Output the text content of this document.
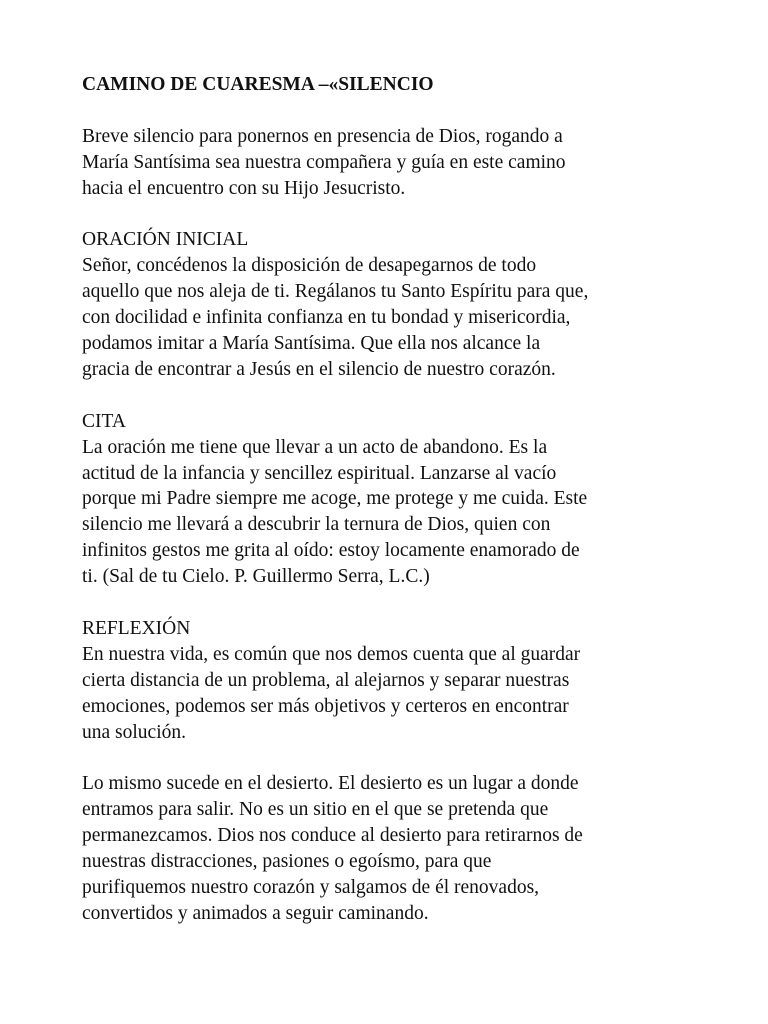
CAMINO DE CUARESMA –«SILENCIO
Breve silencio para ponernos en presencia de Dios, rogando a
María Santísima sea nuestra compañera y guía en este camino
hacia el encuentro con su Hijo Jesucristo.
ORACIÓN INICIAL
Señor, concédenos la disposición de desapegarnos de todo
aquello que nos aleja de ti. Regálanos tu Santo Espíritu para que,
con docilidad e infinita confianza en tu bondad y misericordia,
podamos imitar a María Santísima. Que ella nos alcance la
gracia de encontrar a Jesús en el silencio de nuestro corazón.
CITA
La oración me tiene que llevar a un acto de abandono. Es la
actitud de la infancia y sencillez espiritual. Lanzarse al vacío
porque mi Padre siempre me acoge, me protege y me cuida. Este
silencio me llevará a descubrir la ternura de Dios, quien con
infinitos gestos me grita al oído: estoy locamente enamorado de
ti. (Sal de tu Cielo. P. Guillermo Serra, L.C.)
REFLEXIÓN
En nuestra vida, es común que nos demos cuenta que al guardar
cierta distancia de un problema, al alejarnos y separar nuestras
emociones, podemos ser más objetivos y certeros en encontrar
una solución.
Lo mismo sucede en el desierto. El desierto es un lugar a donde
entramos para salir. No es un sitio en el que se pretenda que
permanezcamos. Dios nos conduce al desierto para retirarnos de
nuestras distracciones, pasiones o egoísmo, para que
purifiquemos nuestro corazón y salgamos de él renovados,
convertidos y animados a seguir caminando.
